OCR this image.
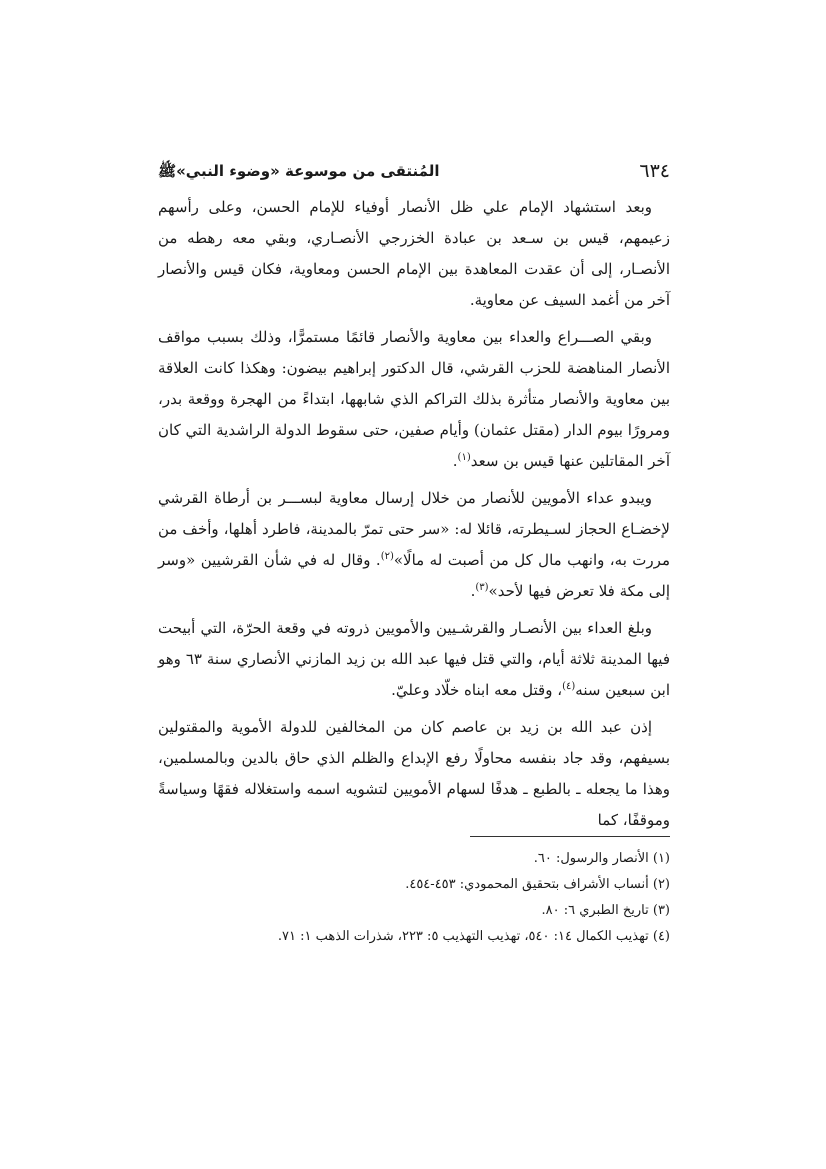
٦٣٤
المُنتقى من موسوعة «وضوء النبي»ﷺ

وبعد استشهاد الإمام علي ظل الأنصار أوفياء للإمام الحسن، وعلى رأسهم زعيمهم، قيس بن سـعد بن عبادة الخزرجي الأنصـاري، وبقي معه رهطه من الأنصـار، إلى أن عقدت المعاهدة بين الإمام الحسن ومعاوية، فكان قيس والأنصار آخر من أغمد السيف عن معاوية.

وبقي الصـــراع والعداء بين معاوية والأنصار قائمًا مستمرًّا، وذلك بسبب مواقف الأنصار المناهضة للحزب القرشي، قال الدكتور إبراهيم بيضون: وهكذا كانت العلاقة بين معاوية والأنصار متأثرة بذلك التراكم الذي شابهها، ابتداءً من الهجرة ووقعة بدر، ومرورًا بيوم الدار (مقتل عثمان) وأيام صفين، حتى سقوط الدولة الراشدية التي كان آخر المقاتلين عنها قيس بن سعد$^{(١)}$.

ويبدو عداء الأمويين للأنصار من خلال إرسال معاوية لبســـر بن أرطاة القرشي لإخضـاع الحجاز لسـيطرته، قائلا له: «سر حتى تمرّ بالمدينة، فاطرد أهلها، وأخف من مررت به، وانهب مال كل من أصبت له مالًا»$^{(٢)}$. وقال له في شأن القرشيين «وسر إلى مكة فلا تعرض فيها لأحد»$^{(٣)}$.

وبلغ العداء بين الأنصـار والقرشـيين والأمويين ذروته في وقعة الحرّة، التي أبيحت فيها المدينة ثلاثة أيام، والتي قتل فيها عبد الله بن زيد المازني الأنصاري سنة ٦٣ وهو ابن سبعين سنه$^{(٤)}$، وقتل معه ابناه خلّاد وعليّ.

إذن عبد الله بن زيد بن عاصم كان من المخالفين للدولة الأموية والمقتولين بسيفهم، وقد جاد بنفسه محاولًا رفع الإبداع والظلم الذي حاق بالدين وبالمسلمين، وهذا ما يجعله ـ بالطبع ـ هدفًا لسهام الأمويين لتشويه اسمه واستغلاله فقهًا وسياسةً وموقفًا، كما

(١) الأنصار والرسول: ٦٠.
(٢) أنساب الأشراف بتحقيق المحمودي: ٤٥٣-٤٥٤.
(٣) تاريخ الطبري ٦: ٨٠.
(٤) تهذيب الكمال ١٤: ٥٤٠، تهذيب التهذيب ٥: ٢٢٣، شذرات الذهب ١: ٧١.
